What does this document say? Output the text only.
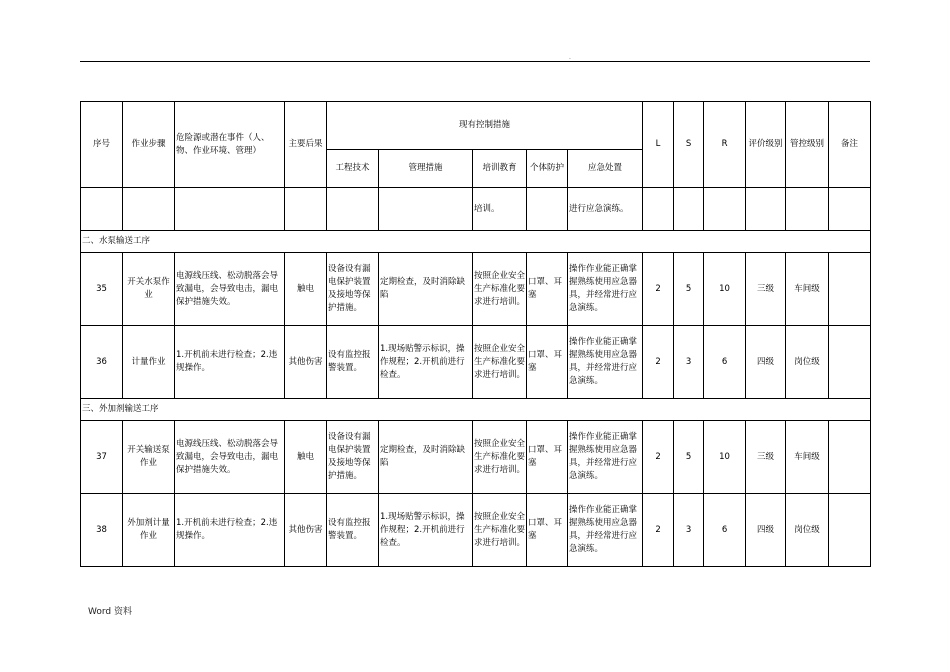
·
序号	作业步骤	危险源或潜在事件（人、物、作业环境、管理）	主要后果	现有控制措施					L	S	R	评价级别	管控级别	备注
				工程技术	管理措施	培训教育	个体防护	应急处置						
						培训。		进行应急演练。						
二、水泵输送工序														
35	开关水泵作业	电源线压线、松动脱落会导致漏电，会导致电击，漏电保护措施失效。	触电	设备设有漏电保护装置及接地等保护措施。	定期检查，及时消除缺陷	按照企业安全生产标准化要求进行培训。	口罩、耳塞	操作作业能正确掌握熟练使用应急器具，并经常进行应急演练。	2	5	10	三级	车间级	
36	计量作业	1.开机前未进行检查；2.违规操作。	其他伤害	设有监控报警装置。	1.现场贴警示标识，操作规程；2.开机前进行检查。	按照企业安全生产标准化要求进行培训。	口罩、耳塞	操作作业能正确掌握熟练使用应急器具，并经常进行应急演练。	2	3	6	四级	岗位级	
三、外加剂输送工序														
37	开关输送泵作业	电源线压线、松动脱落会导致漏电，会导致电击，漏电保护措施失效。	触电	设备设有漏电保护装置及接地等保护措施。	定期检查，及时消除缺陷	按照企业安全生产标准化要求进行培训。	口罩、耳塞	操作作业能正确掌握熟练使用应急器具，并经常进行应急演练。	2	5	10	三级	车间级	
38	外加剂计量作业	1.开机前未进行检查；2.违规操作。	其他伤害	设有监控报警装置。	1.现场贴警示标识，操作规程；2.开机前进行检查。	按照企业安全生产标准化要求进行培训。	口罩、耳塞	操作作业能正确掌握熟练使用应急器具，并经常进行应急演练。	2	3	6	四级	岗位级	
Word 资料
